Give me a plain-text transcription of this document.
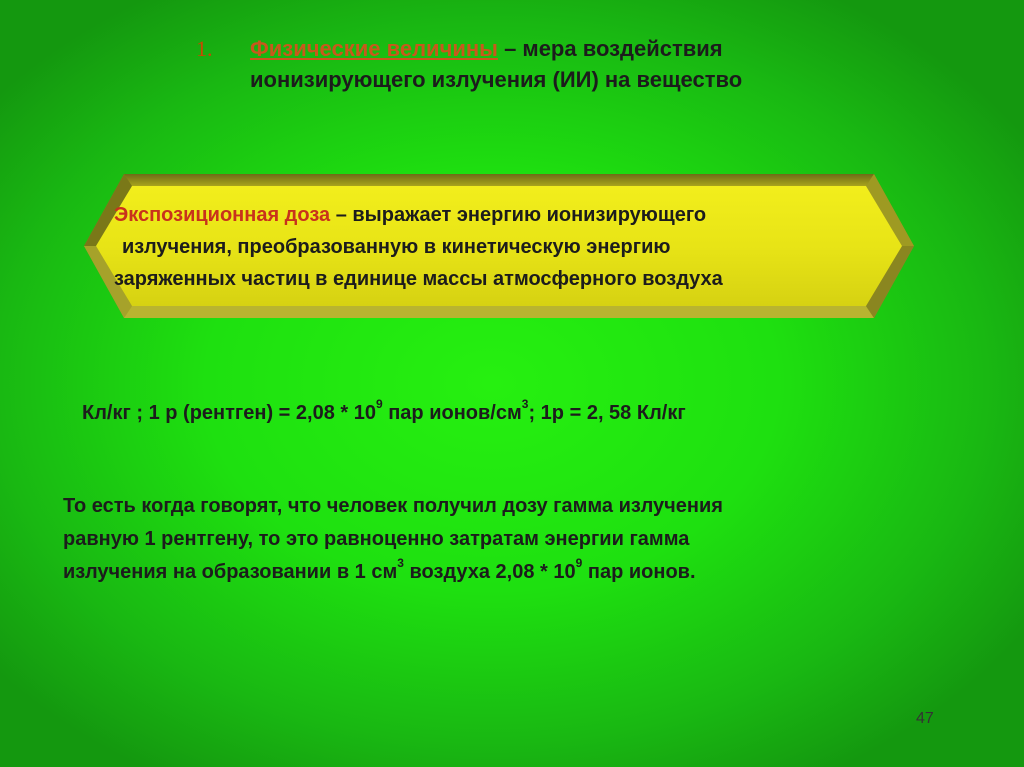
1. Физические величины – мера воздействия
ионизирующего излучения (ИИ) на вещество
Экспозиционная доза – выражает энергию ионизирующего
излучения, преобразованную в кинетическую энергию
заряженных частиц в единице массы атмосферного воздуха
Кл/кг ; 1 р (рентген) = $2,08 * 10^9$ пар ионов/$см^3$; 1р = 2, 58 Кл/кг
То есть когда говорят, что человек получил дозу гамма излучения
равную 1 рентгену, то это равноценно затратам энергии гамма
излучения на образовании в 1 $см^3$ воздуха $2,08 * 10^9$ пар ионов.
47
